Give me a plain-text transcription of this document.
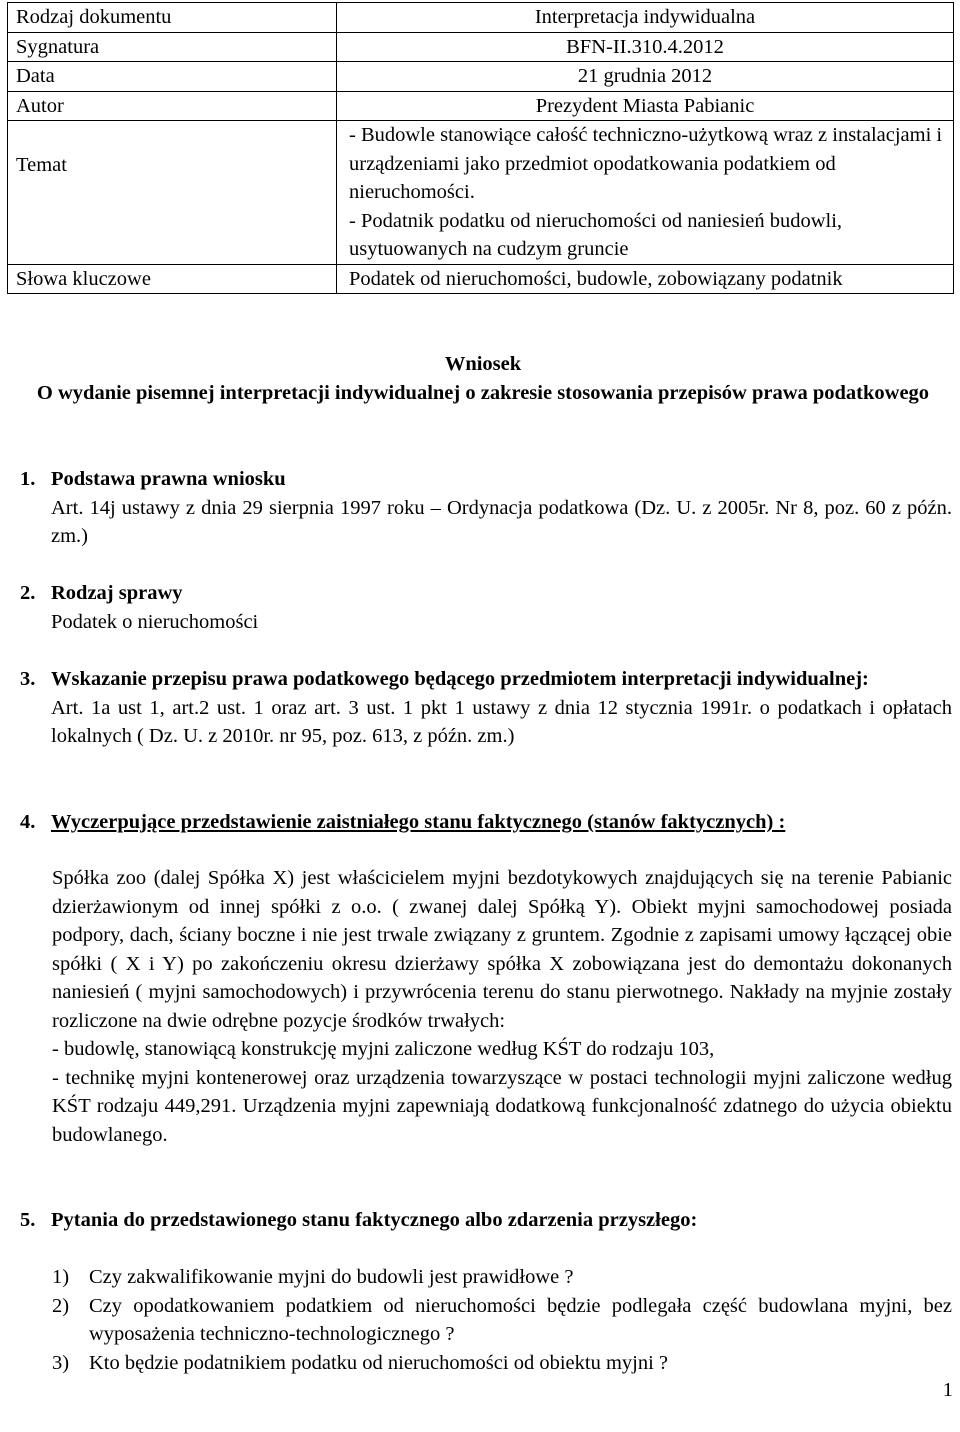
Rodzaj dokumentu	Interpretacja indywidualna
Sygnatura	BFN-II.310.4.2012
Data	21 grudnia 2012
Autor	Prezydent Miasta Pabianic
Temat	- Budowle stanowiące całość techniczno-użytkową wraz z instalacjami i urządzeniami jako przedmiot opodatkowania podatkiem od nieruchomości.
- Podatnik podatku od nieruchomości od naniesień budowli, usytuowanych na cudzym gruncie

Słowa kluczowe	Podatek od nieruchomości, budowle, zobowiązany podatnik
Wniosek
O wydanie pisemnej interpretacji indywidualnej o zakresie stosowania przepisów prawa podatkowego
1. Podstawa prawna wniosku
Art. 14j ustawy z dnia 29 sierpnia 1997 roku – Ordynacja podatkowa (Dz. U. z 2005r. Nr 8, poz. 60 z późn. zm.)
2. Rodzaj sprawy
Podatek o nieruchomości
3. Wskazanie przepisu prawa podatkowego będącego przedmiotem interpretacji indywidualnej:
Art. 1a ust 1, art.2 ust. 1 oraz art. 3 ust. 1 pkt 1 ustawy z dnia 12 stycznia 1991r. o podatkach i opłatach lokalnych ( Dz. U. z 2010r. nr 95, poz. 613, z późn. zm.)
4. Wyczerpujące przedstawienie zaistniałego stanu faktycznego (stanów faktycznych) :

Spółka zoo (dalej Spółka X) jest właścicielem myjni bezdotykowych znajdujących się na terenie Pabianic dzierżawionym od innej spółki z o.o. ( zwanej dalej Spółką Y). Obiekt myjni samochodowej posiada podpory, dach, ściany boczne i nie jest trwale związany z gruntem. Zgodnie z zapisami umowy łączącej obie spółki ( X i Y) po zakończeniu okresu dzierżawy spółka X zobowiązana jest do demontażu dokonanych naniesień ( myjni samochodowych) i przywrócenia terenu do stanu pierwotnego. Nakłady na myjnie zostały rozliczone na dwie odrębne pozycje środków trwałych:

- budowlę, stanowiącą konstrukcję myjni zaliczone według KŚT do rodzaju 103,

- technikę myjni kontenerowej oraz urządzenia towarzyszące w postaci technologii myjni zaliczone według KŚT rodzaju 449,291. Urządzenia myjni zapewniają dodatkową funkcjonalność zdatnego do użycia obiektu budowlanego.

5. Pytania do przedstawionego stanu faktycznego albo zdarzenia przyszłego:
1) Czy zakwalifikowanie myjni do budowli jest prawidłowe ?
2) Czy opodatkowaniem podatkiem od nieruchomości będzie podlegała część budowlana myjni, bez wyposażenia techniczno-technologicznego ?
3) Kto będzie podatnikiem podatku od nieruchomości od obiektu myjni ?
1
